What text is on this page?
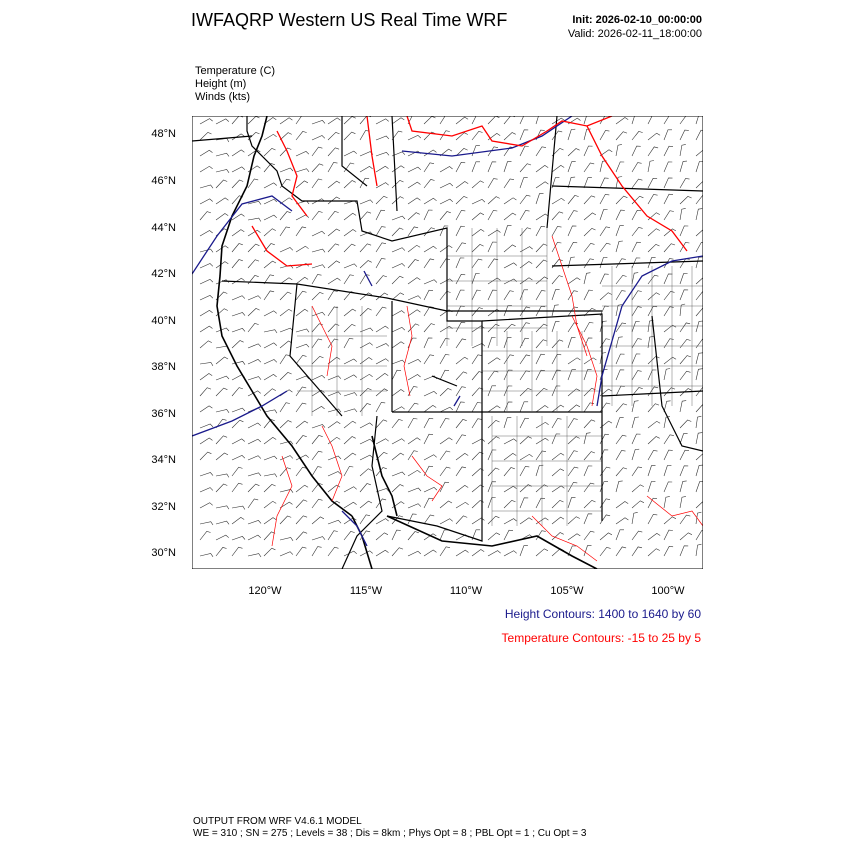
IWFAQRP Western US Real Time WRF	Init: 2026-02-10_00:00:00
Valid: 2026-02-11_18:00:00
Temperature (C)
Height (m)
Winds (kts)
48°N
46°N
44°N
42°N
40°N
38°N
36°N
34°N
32°N
30°N
120°W	115°W	110°W	105°W	100°W
Height Contours: 1400 to 1640 by 60
Temperature Contours: -15 to 25 by 5
OUTPUT FROM WRF V4.6.1 MODEL
WE = 310 ; SN = 275 ; Levels = 38 ; Dis = 8km ; Phys Opt = 8 ; PBL Opt = 1 ; Cu Opt = 3
